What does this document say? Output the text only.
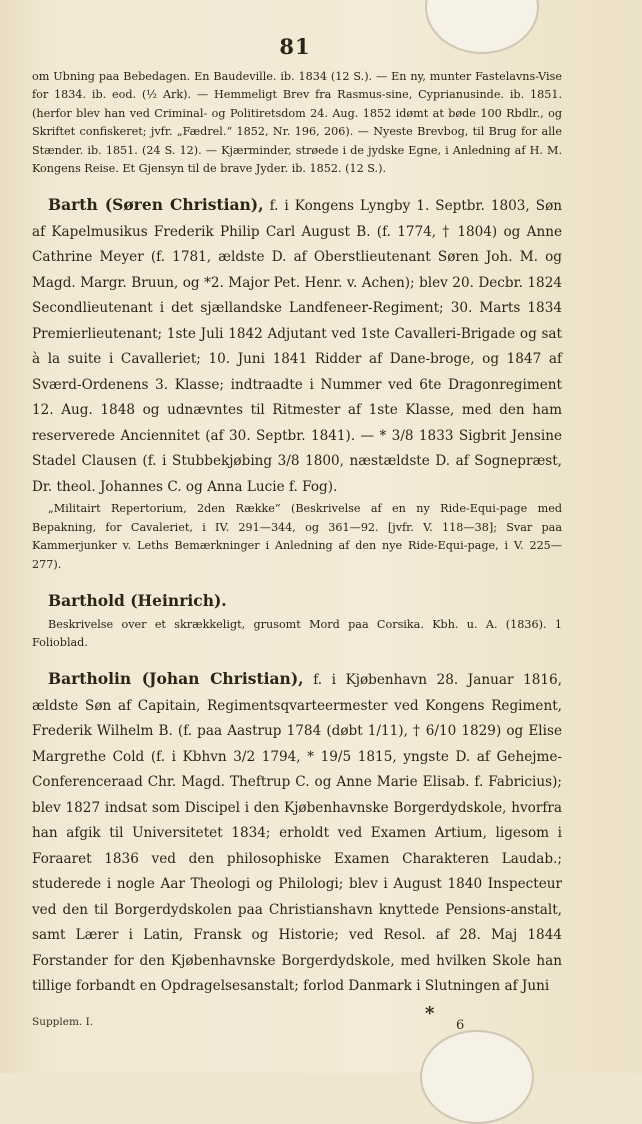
81

om Ubning paa Bebedagen. En Baudeville. ib. 1834 (12 S.). — En ny, munter Fastelavns-Vise for 1834. ib. eod. (½ Ark). — Hemmeligt Brev fra Rasmus-sine, Cyprianusinde. ib. 1851. (herfor blev han ved Criminal- og Politiretsdom 24. Aug. 1852 idømt at bøde 100 Rbdlr., og Skriftet confiskeret; jvfr. „Fædrel.“ 1852, Nr. 196, 206). — Nyeste Brevbog, til Brug for alle Stænder. ib. 1851. (24 S. 12). — Kjærminder, strøede i de jydske Egne, i Anledning af H. M. Kongens Reise. Et Gjensyn til de brave Jyder. ib. 1852. (12 S.).

Barth (Søren Christian), f. i Kongens Lyngby 1. Septbr. 1803, Søn af Kapelmusikus Frederik Philip Carl August B. (f. 1774, † 1804) og Anne Cathrine Meyer (f. 1781, ældste D. af Oberstlieutenant Søren Joh. M. og Magd. Margr. Bruun, og *2. Major Pet. Henr. v. Achen); blev 20. Decbr. 1824 Secondlieutenant i det sjællandske Landfeneer-Regiment; 30. Marts 1834 Premierlieutenant; 1ste Juli 1842 Adjutant ved 1ste Cavalleri-Brigade og sat à la suite i Cavalleriet; 10. Juni 1841 Ridder af Dane-broge, og 1847 af Sværd-Ordenens 3. Klasse; indtraadte i Nummer ved 6te Dragonregiment 12. Aug. 1848 og udnævntes til Ritmester af 1ste Klasse, med den ham reserverede Anciennitet (af 30. Septbr. 1841). — * 3/8 1833 Sigbrit Jensine Stadel Clausen (f. i Stubbekjøbing 3/8 1800, næstældste D. af Sognepræst, Dr. theol. Johannes C. og Anna Lucie f. Fog).

„Militairt Repertorium, 2den Række“ (Beskrivelse af en ny Ride-Equi-page med Bepakning, for Cavaleriet, i IV. 291—344, og 361—92. [jvfr. V. 118—38]; Svar paa Kammerjunker v. Leths Bemærkninger i Anledning af den nye Ride-Equi-page, i V. 225—277).

Barthold (Heinrich).

Beskrivelse over et skrækkeligt, grusomt Mord paa Corsika. Kbh. u. A. (1836). 1 Folioblad.

Bartholin (Johan Christian), f. i Kjøbenhavn 28. Januar 1816, ældste Søn af Capitain, Regimentsqvarteermester ved Kongens Regiment, Frederik Wilhelm B. (f. paa Aastrup 1784 (døbt 1/11), † 6/10 1829) og Elise Margrethe Cold (f. i Kbhvn 3/2 1794, * 19/5 1815, yngste D. af Gehejme-Conferenceraad Chr. Magd. Theftrup C. og Anne Marie Elisab. f. Fabricius); blev 1827 indsat som Discipel i den Kjøbenhavnske Borgerdydskole, hvorfra han afgik til Universitetet 1834; erholdt ved Examen Artium, ligesom i Foraaret 1836 ved den philosophiske Examen Charakteren Laudab.; studerede i nogle Aar Theologi og Philologi; blev i August 1840 Inspecteur ved den til Borgerdydskolen paa Christianshavn knyttede Pensions-anstalt, samt Lærer i Latin, Fransk og Historie; ved Resol. af 28. Maj 1844 Forstander for den Kjøbenhavnske Borgerdydskole, med hvilken Skole han tillige forbandt en Opdragelsesanstalt; forlod Danmark i Slutningen af Juni

*
Supplem. I.	6
